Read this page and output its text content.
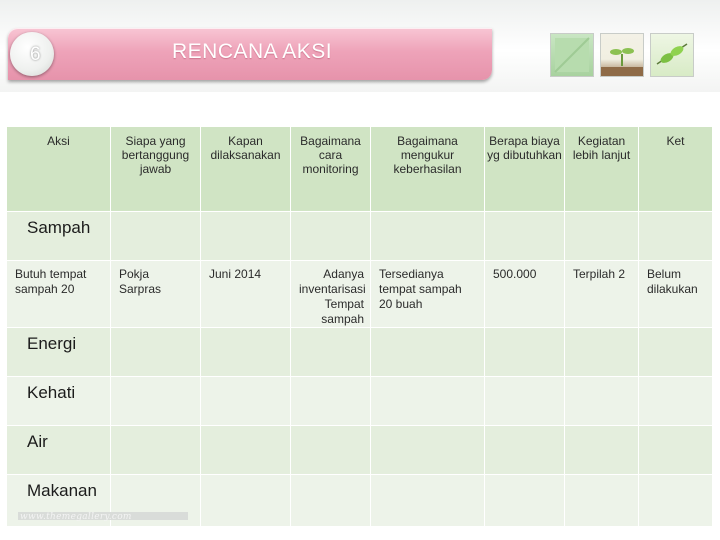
6	RENCANA AKSI
Aksi	Siapa yang bertanggung jawab	Kapan dilaksanakan	Bagaimana cara monitoring	Bagaimana mengukur keberhasilan	Berapa biaya yg dibutuhkan	Kegiatan lebih lanjut	Ket

Sampah							

Butuh tempat sampah 20	Pokja Sarpras	Juni 2014	Adanya inventarisasi Tempat sampah	Tersedianya tempat sampah 20 buah	500.000	Terpilah 2	Belum dilakukan

Energi							

Kehati							

Air							

Makanan							

www.themegallery.com
